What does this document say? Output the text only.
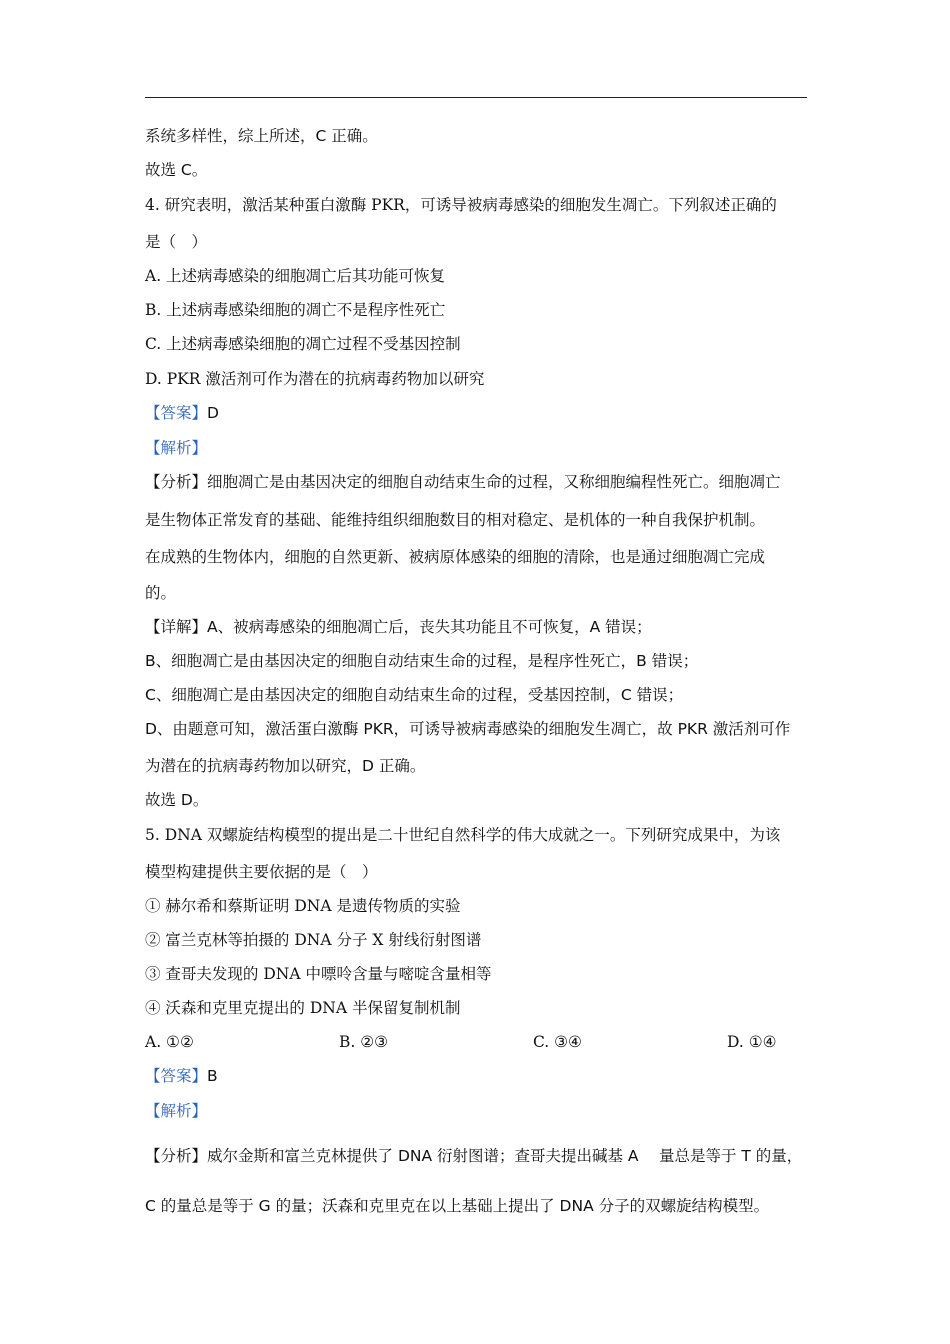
系统多样性，综上所述，C 正确。
故选 C。
4. 研究表明，激活某种蛋白激酶 PKR，可诱导被病毒感染的细胞发生凋亡。下列叙述正确的
是（　）
A. 上述病毒感染的细胞凋亡后其功能可恢复
B. 上述病毒感染细胞的凋亡不是程序性死亡
C. 上述病毒感染细胞的凋亡过程不受基因控制
D. PKR 激活剂可作为潜在的抗病毒药物加以研究
【答案】D
【解析】
【分析】细胞凋亡是由基因决定的细胞自动结束生命的过程，又称细胞编程性死亡。细胞凋亡
是生物体正常发育的基础、能维持组织细胞数目的相对稳定、是机体的一种自我保护机制。
在成熟的生物体内，细胞的自然更新、被病原体感染的细胞的清除，也是通过细胞凋亡完成
的。
【详解】A、被病毒感染的细胞凋亡后，丧失其功能且不可恢复，A 错误；
B、细胞凋亡是由基因决定的细胞自动结束生命的过程，是程序性死亡，B 错误；
C、细胞凋亡是由基因决定的细胞自动结束生命的过程，受基因控制，C 错误；
D、由题意可知，激活蛋白激酶 PKR，可诱导被病毒感染的细胞发生凋亡，故 PKR 激活剂可作
为潜在的抗病毒药物加以研究，D 正确。
故选 D。
5. DNA 双螺旋结构模型的提出是二十世纪自然科学的伟大成就之一。下列研究成果中，为该
模型构建提供主要依据的是（　）
① 赫尔希和蔡斯证明 DNA 是遗传物质的实验
② 富兰克林等拍摄的 DNA 分子 X 射线衍射图谱
③ 查哥夫发现的 DNA 中嘌呤含量与嘧啶含量相等
④ 沃森和克里克提出的 DNA 半保留复制机制
A. ①②	B. ②③	C. ③④	D. ①④
【答案】B
【解析】
【分析】威尔金斯和富兰克林提供了 DNA 衍射图谱；查哥夫提出碱基 A　 量总是等于 T 的量，
C 的量总是等于 G 的量；沃森和克里克在以上基础上提出了 DNA 分子的双螺旋结构模型。
